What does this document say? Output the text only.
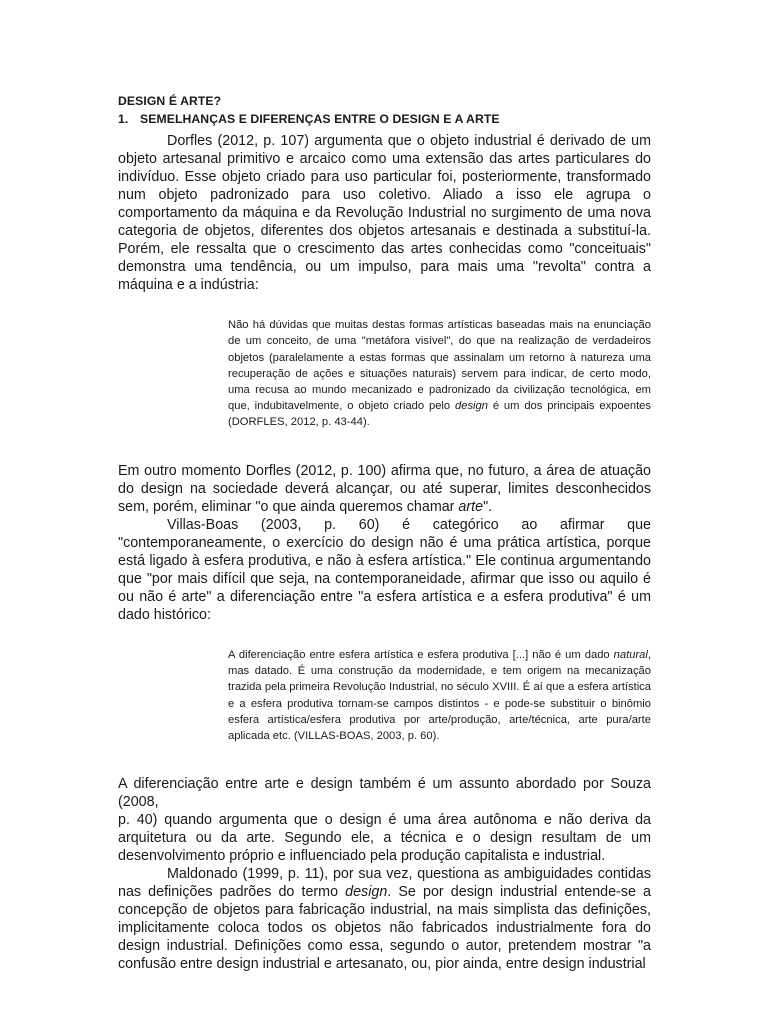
DESIGN É ARTE?

1. SEMELHANÇAS E DIFERENÇAS ENTRE O DESIGN E A ARTE

Dorfles (2012, p. 107) argumenta que o objeto industrial é derivado de um objeto artesanal primitivo e arcaico como uma extensão das artes particulares do indivíduo. Esse objeto criado para uso particular foi, posteriormente, transformado num objeto padronizado para uso coletivo. Aliado a isso ele agrupa o comportamento da máquina e da Revolução Industrial no surgimento de uma nova categoria de objetos, diferentes dos objetos artesanais e destinada a substituí-la. Porém, ele ressalta que o crescimento das artes conhecidas como "conceituais" demonstra uma tendência, ou um impulso, para mais uma "revolta" contra a máquina e a indústria:

Não há dúvidas que muitas destas formas artísticas baseadas mais na enunciação de um conceito, de uma "metáfora visível", do que na realização de verdadeiros objetos (paralelamente a estas formas que assinalam um retorno à natureza uma recuperação de ações e situações naturais) servem para indicar, de certo modo, uma recusa ao mundo mecanizado e padronizado da civilização tecnológica, em que, indubitavelmente, o objeto criado pelo design é um dos principais expoentes (DORFLES, 2012, p. 43-44).

Em outro momento Dorfles (2012, p. 100) afirma que, no futuro, a área de atuação do design na sociedade deverá alcançar, ou até superar, limites desconhecidos sem, porém, eliminar "o que ainda queremos chamar arte".

Villas-Boas (2003, p. 60) é categórico ao afirmar que "contemporaneamente, o exercício do design não é uma prática artística, porque está ligado à esfera produtiva, e não à esfera artística." Ele continua argumentando que "por mais difícil que seja, na contemporaneidade, afirmar que isso ou aquilo é ou não é arte" a diferenciação entre "a esfera artística e a esfera produtiva" é um dado histórico:

A diferenciação entre esfera artística e esfera produtiva [...] não é um dado natural, mas datado. É uma construção da modernidade, e tem origem na mecanização trazida pela primeira Revolução Industrial, no século XVIII. É aí que a esfera artística e a esfera produtiva tornam-se campos distintos - e pode-se substituir o binômio esfera artística/esfera produtiva por arte/produção, arte/técnica, arte pura/arte aplicada etc. (VILLAS-BOAS, 2003, p. 60).

A diferenciação entre arte e design também é um assunto abordado por Souza (2008,

p. 40) quando argumenta que o design é uma área autônoma e não deriva da arquitetura ou da arte. Segundo ele, a técnica e o design resultam de um desenvolvimento próprio e influenciado pela produção capitalista e industrial.

Maldonado (1999, p. 11), por sua vez, questiona as ambiguidades contidas nas definições padrões do termo design. Se por design industrial entende-se a concepção de objetos para fabricação industrial, na mais simplista das definições, implicitamente coloca todos os objetos não fabricados industrialmente fora do design industrial. Definições como essa, segundo o autor, pretendem mostrar "a confusão entre design industrial e artesanato, ou, pior ainda, entre design industrial
